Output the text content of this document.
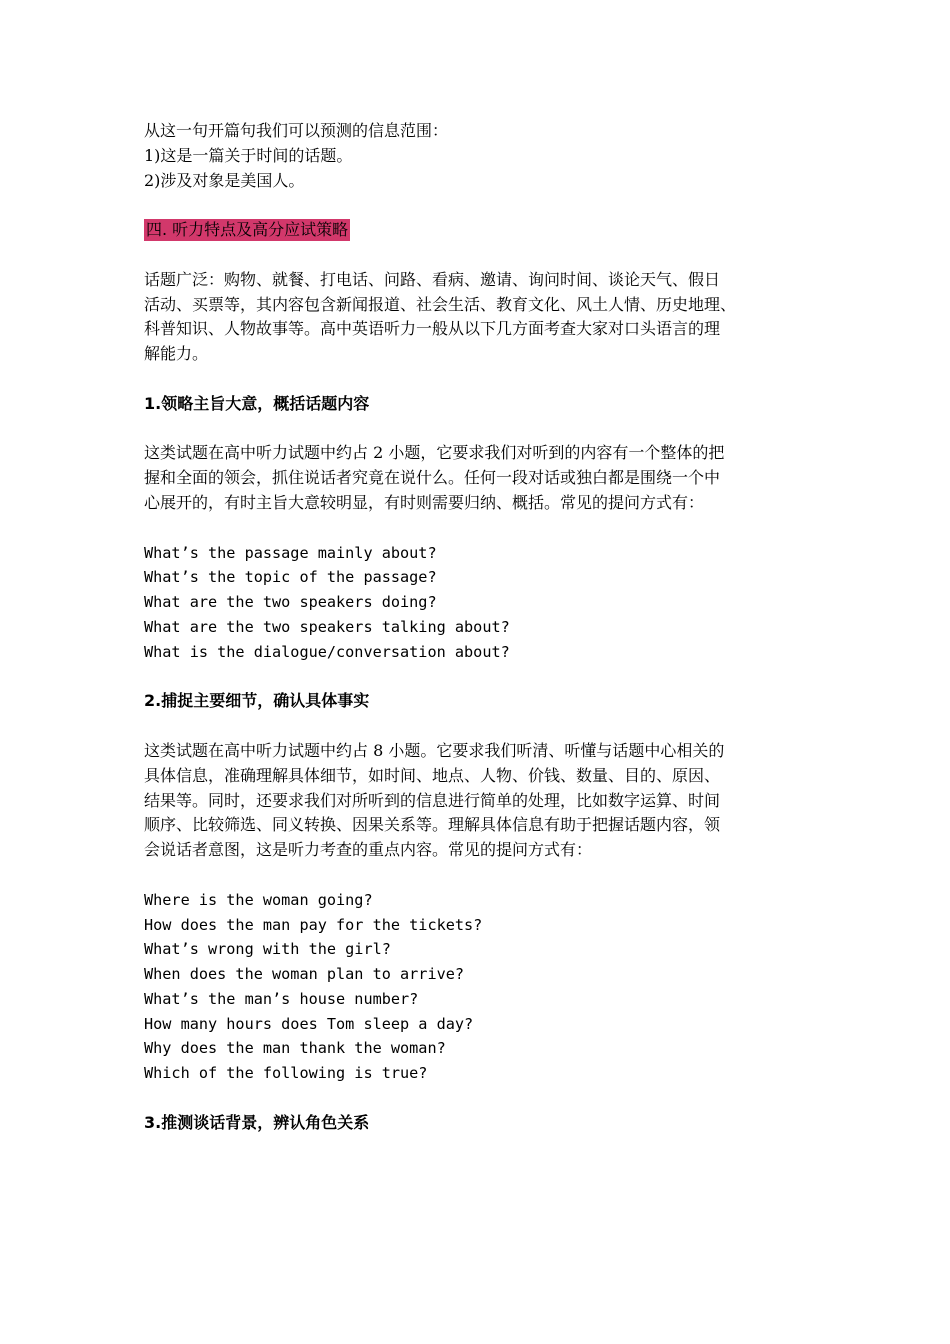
从这一句开篇句我们可以预测的信息范围：

1)这是一篇关于时间的话题。

2)涉及对象是美国人。

四. 听力特点及高分应试策略

话题广泛：购物、就餐、打电话、问路、看病、邀请、询问时间、谈论天气、假日

活动、买票等，其内容包含新闻报道、社会生活、教育文化、风土人情、历史地理、

科普知识、人物故事等。高中英语听力一般从以下几方面考查大家对口头语言的理

解能力。

1.领略主旨大意，概括话题内容

这类试题在高中听力试题中约占 2 小题，它要求我们对听到的内容有一个整体的把

握和全面的领会，抓住说话者究竟在说什么。任何一段对话或独白都是围绕一个中

心展开的，有时主旨大意较明显，有时则需要归纳、概括。常见的提问方式有：

What’s the passage mainly about?

What’s the topic of the passage?

What are the two speakers doing?

What are the two speakers talking about?

What is the dialogue/conversation about?

2.捕捉主要细节，确认具体事实

这类试题在高中听力试题中约占 8 小题。它要求我们听清、听懂与话题中心相关的

具体信息，准确理解具体细节，如时间、地点、人物、价钱、数量、目的、原因、

结果等。同时，还要求我们对所听到的信息进行简单的处理，比如数字运算、时间

顺序、比较筛选、同义转换、因果关系等。理解具体信息有助于把握话题内容，领

会说话者意图，这是听力考查的重点内容。常见的提问方式有：

Where is the woman going?

How does the man pay for the tickets?

What’s wrong with the girl?

When does the woman plan to arrive?

What’s the man’s house number?

How many hours does Tom sleep a day?

Why does the man thank the woman?

Which of the following is true?

3.推测谈话背景，辨认角色关系
